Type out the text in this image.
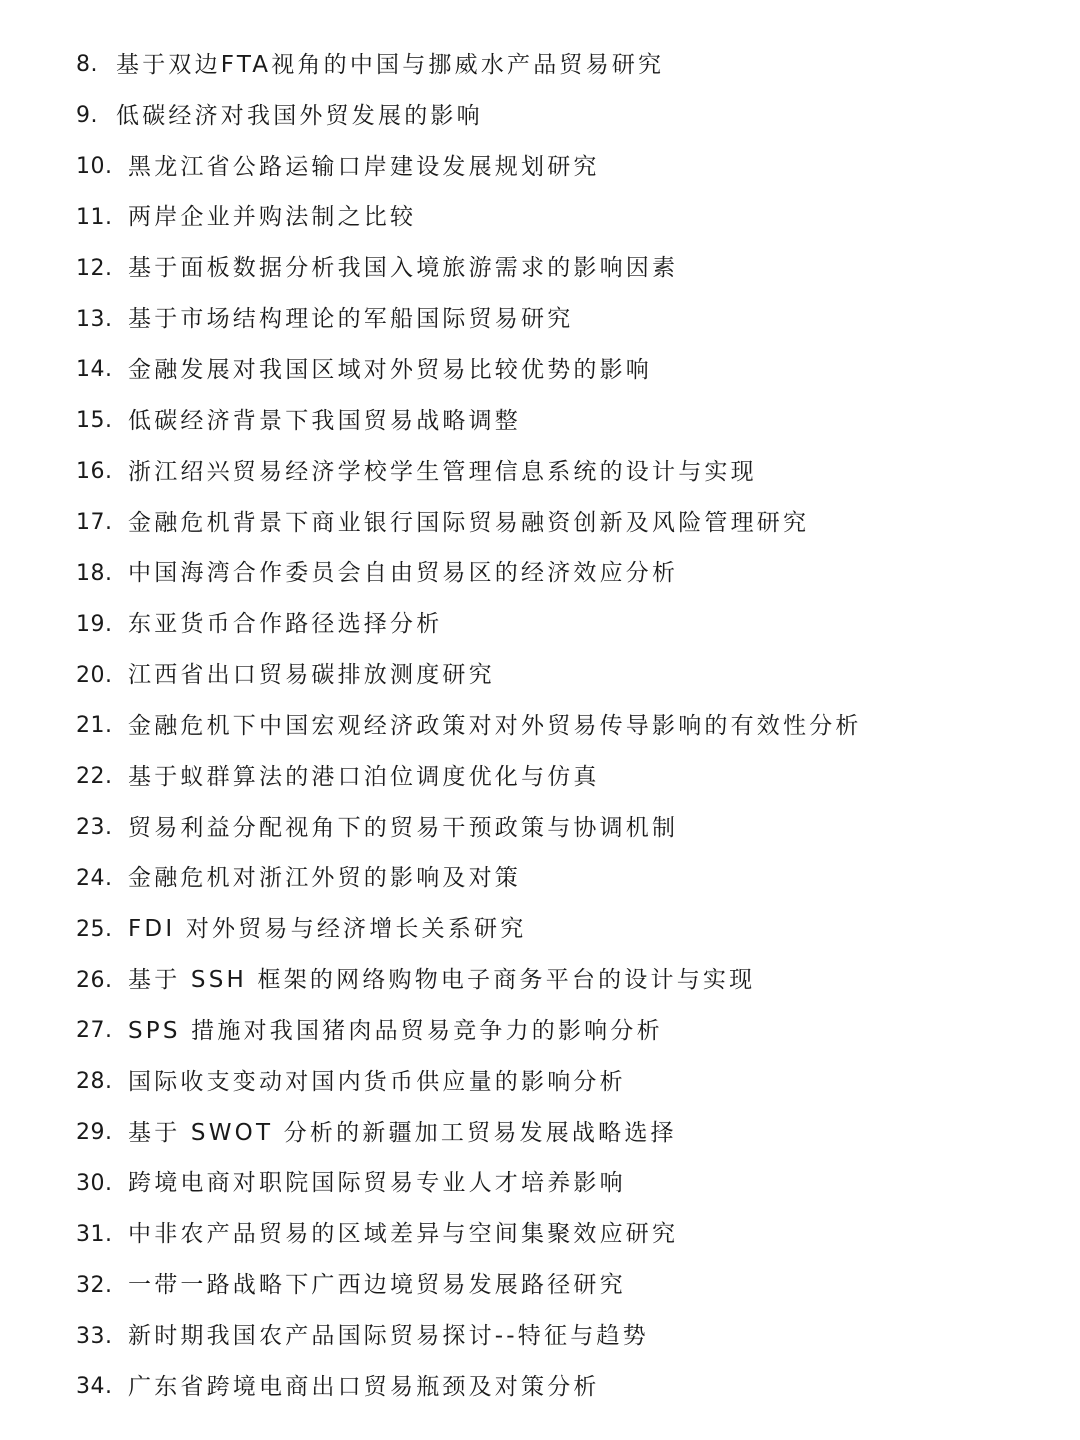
8. 基于双边FTA视角的中国与挪威水产品贸易研究
9. 低碳经济对我国外贸发展的影响
10. 黑龙江省公路运输口岸建设发展规划研究
11. 两岸企业并购法制之比较
12. 基于面板数据分析我国入境旅游需求的影响因素
13. 基于市场结构理论的军船国际贸易研究
14. 金融发展对我国区域对外贸易比较优势的影响
15. 低碳经济背景下我国贸易战略调整
16. 浙江绍兴贸易经济学校学生管理信息系统的设计与实现
17. 金融危机背景下商业银行国际贸易融资创新及风险管理研究
18. 中国海湾合作委员会自由贸易区的经济效应分析
19. 东亚货币合作路径选择分析
20. 江西省出口贸易碳排放测度研究
21. 金融危机下中国宏观经济政策对对外贸易传导影响的有效性分析
22. 基于蚁群算法的港口泊位调度优化与仿真
23. 贸易利益分配视角下的贸易干预政策与协调机制
24. 金融危机对浙江外贸的影响及对策
25. FDI 对外贸易与经济增长关系研究
26. 基于 SSH 框架的网络购物电子商务平台的设计与实现
27. SPS 措施对我国猪肉品贸易竞争力的影响分析
28. 国际收支变动对国内货币供应量的影响分析
29. 基于 SWOT 分析的新疆加工贸易发展战略选择
30. 跨境电商对职院国际贸易专业人才培养影响
31. 中非农产品贸易的区域差异与空间集聚效应研究
32. 一带一路战略下广西边境贸易发展路径研究
33. 新时期我国农产品国际贸易探讨--特征与趋势
34. 广东省跨境电商出口贸易瓶颈及对策分析
